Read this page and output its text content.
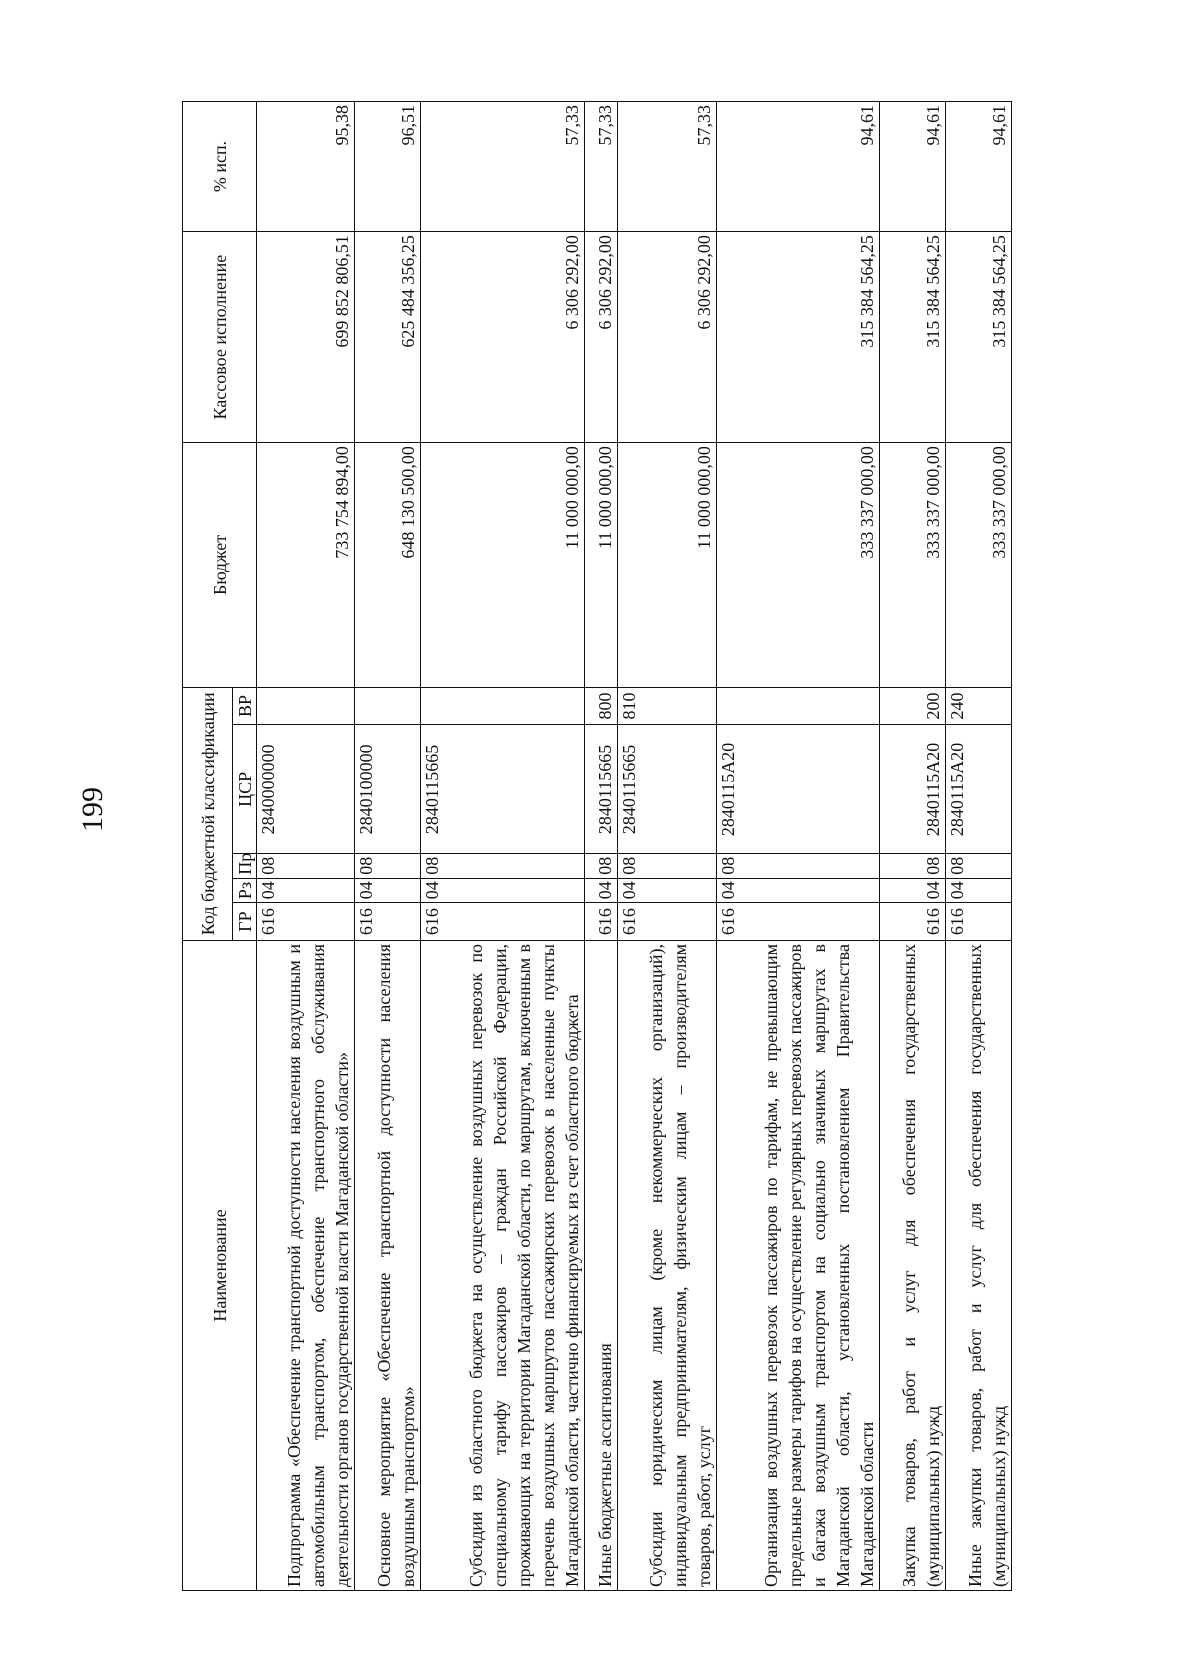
199
Наименование	Код бюджетной классификации					Бюджет	Кассовое исполнение	% исп.
	ГР	Рз	Пр	ЦСР	ВР			
Подпрограмма «Обеспечение транспортной доступности населения воздушным и автомобильным транспортом, обеспечение транспортного обслуживания деятельности органов государственной власти Магаданской области»	616	04	08	2840000000		733 754 894,00	699 852 806,51	95,38
Основное мероприятие «Обеспечение транспортной доступности населения воздушным транспортом»	616	04	08	2840100000		648 130 500,00	625 484 356,25	96,51
Субсидии из областного бюджета на осуществление воздушных перевозок по специальному тарифу пассажиров – граждан Российской Федерации, проживающих на территории Магаданской области, по маршрутам, включенным в перечень воздушных маршрутов пассажирских перевозок в населенные пункты Магаданской области, частично финансируемых из счет областного бюджета	616	04	08	2840115665		11 000 000,00	6 306 292,00	57,33
Иные бюджетные ассигнования	616	04	08	2840115665	800	11 000 000,00	6 306 292,00	57,33
Субсидии юридическим лицам (кроме некоммерческих организаций), индивидуальным предпринимателям, физическим лицам – производителям товаров, работ, услуг	616	04	08	2840115665	810	11 000 000,00	6 306 292,00	57,33
Организация воздушных перевозок пассажиров по тарифам, не превышающим предельные размеры тарифов на осуществление регулярных перевозок пассажиров и багажа воздушным транспортом на социально значимых маршрутах в Магаданской области, установленных постановлением Правительства Магаданской области	616	04	08	2840115А20		333 337 000,00	315 384 564,25	94,61
Закупка товаров, работ и услуг для обеспечения государственных (муниципальных) нужд	616	04	08	2840115А20	200	333 337 000,00	315 384 564,25	94,61
Иные закупки товаров, работ и услуг для обеспечения государственных (муниципальных) нужд	616	04	08	2840115А20	240	333 337 000,00	315 384 564,25	94,61
